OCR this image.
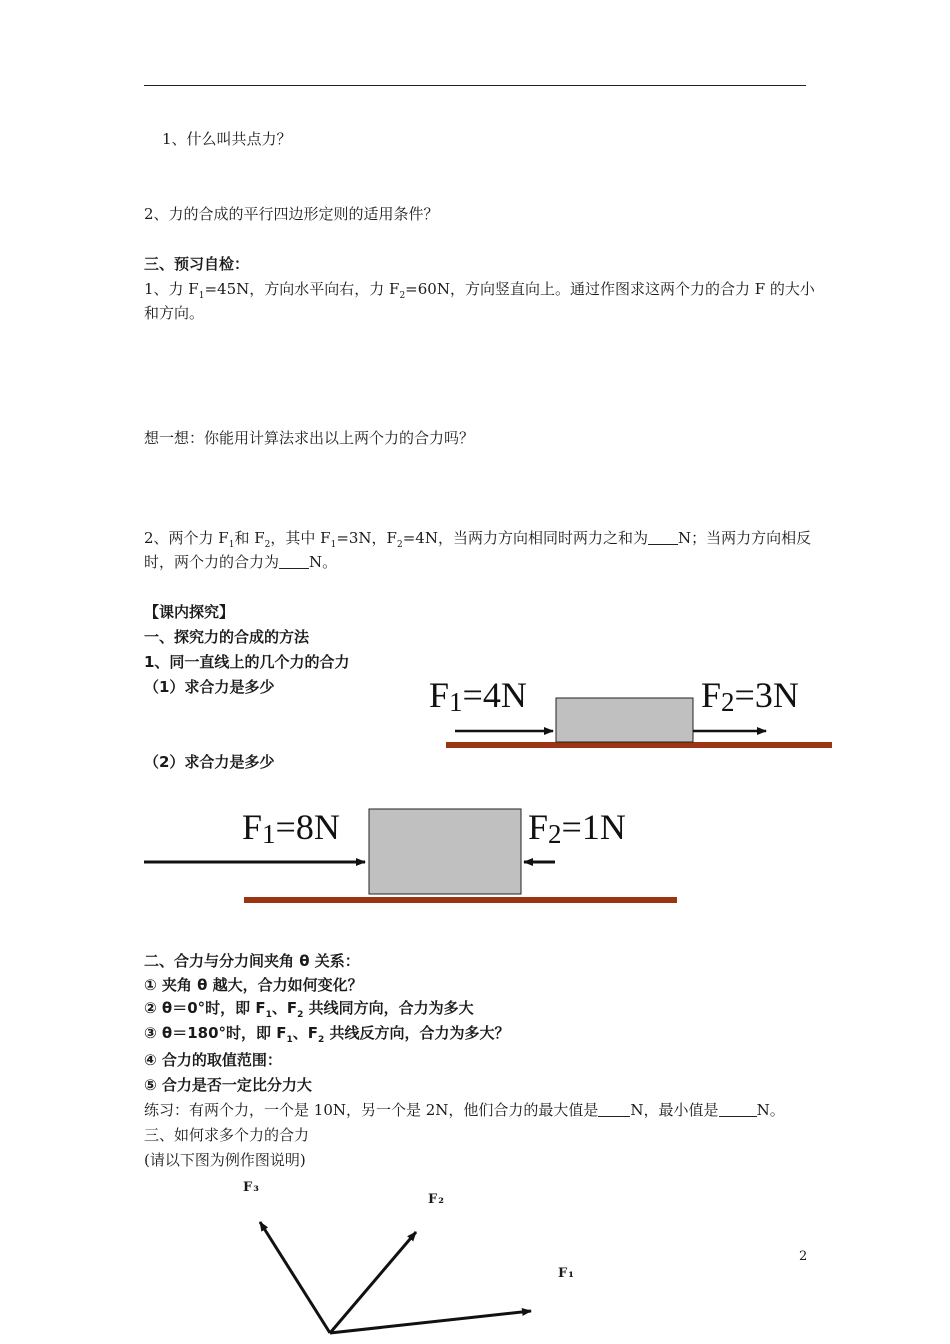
1、什么叫共点力？
2、力的合成的平行四边形定则的适用条件？
三、预习自检：
1、力 $F_1=45N$，方向水平向右，力 $F_2=60N$，方向竖直向上。通过作图求这两个力的合力 F 的大小
和方向。
想一想：你能用计算法求出以上两个力的合力吗？
2、两个力 $F_1$和 $F_2$，其中 $F_1=3N$，$F_2=4N$，当两力方向相同时两力之和为 N；当两力方向相反
时，两个力的合力为 N。
【课内探究】
一、探究力的合成的方法
1、同一直线上的几个力的合力
（1）求合力是多少
（2）求合力是多少
F1=4N	F2=3N
F1=8N	F2=1N
二、合力与分力间夹角 θ 关系：
① 夹角 θ 越大，合力如何变化？
② θ＝0°时，即 $F_1$、$F_2$ 共线同方向，合力为多大
③ θ＝180°时，即 $F_1$、$F_2$ 共线反方向，合力为多大？
④ 合力的取值范围：
⑤ 合力是否一定比分力大
练习：有两个力，一个是 10N，另一个是 2N，他们合力的最大值是 N，最小值是	N。
三、如何求多个力的合力
(请以下图为例作图说明)
F₃
F₂
F₁
2
